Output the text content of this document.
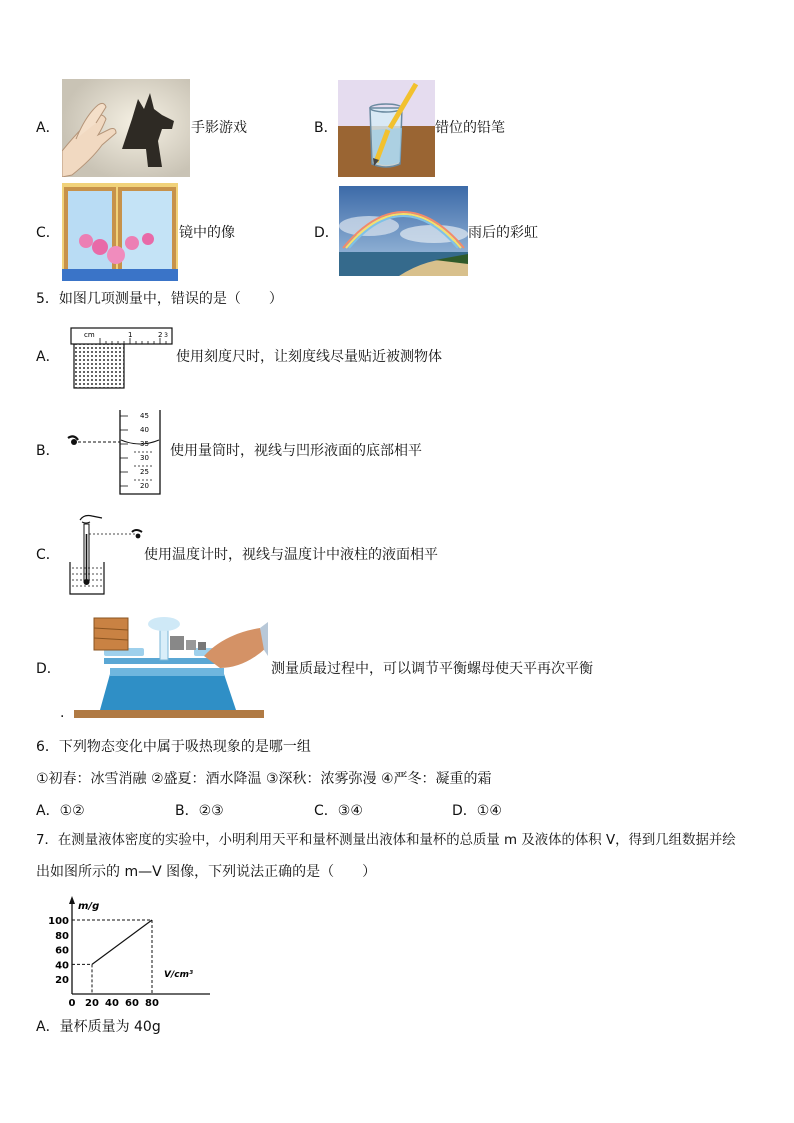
A．	手影游戏	B．	错位的铅笔
C．	镜中的像	D．	雨后的彩虹
5．如图几项测量中，错误的是（　　）
A．
cm	1	2 3
使用刻度尺时，让刻度线尽量贴近被测物体
B．
45
40
35
30
25
20
使用量筒时，视线与凹形液面的底部相平
C．	使用温度计时，视线与温度计中液柱的液面相平
D．	测量质最过程中，可以调节平衡螺母使天平再次平衡
.
6．下列物态变化中属于吸热现象的是哪一组
①初春：冰雪消融 ②盛夏：酒水降温 ③深秋：浓雾弥漫 ④严冬：凝重的霜
A．①②	B．②③	C．③④	D．①④
7．在测量液体密度的实验中，小明利用天平和量杯测量出液体和量杯的总质量 m 及液体的体积 V，得到几组数据并绘
出如图所示的 m—V 图像，下列说法正确的是（　　）
m/g
V/cm³
0 20 40 60 80
20
40
60
80
100
A．量杯质量为 40g
